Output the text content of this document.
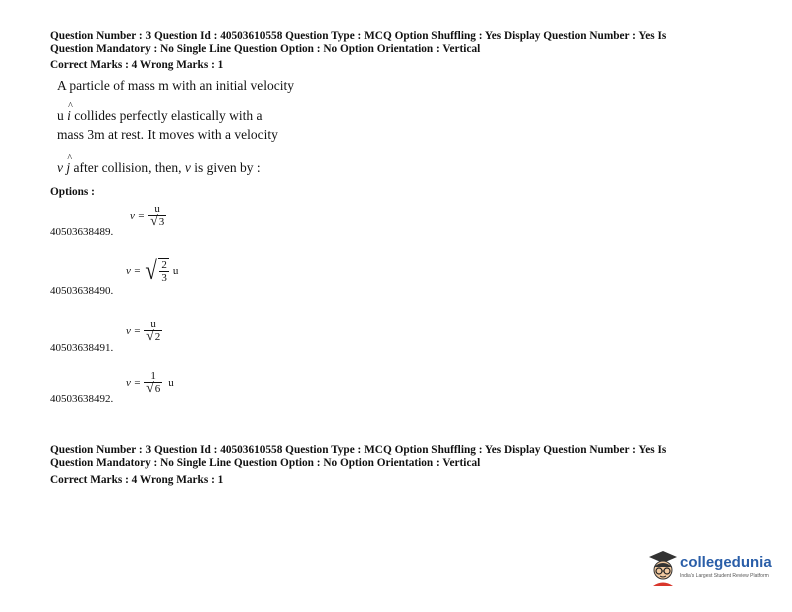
Question Number : 3 Question Id : 40503610558 Question Type : MCQ Option Shuffling : Yes Display Question Number : Yes Is
Question Mandatory : No Single Line Question Option : No Option Orientation : Vertical
Correct Marks : 4 Wrong Marks : 1
A particle of mass m with an initial velocity
u ^ i collides perfectly elastically with a
mass 3m at rest. It moves with a velocity
v ^ j after collision, then, v is given by :
Options :
$v = \frac{u}{√3}$
40503638489.
v = √ $\frac{2}{3}$ u
40503638490.
$v = \frac{u}{√2}$
40503638491.
$v = \frac{1}{√6}$ u
40503638492.
Question Number : 3 Question Id : 40503610558 Question Type : MCQ Option Shuffling : Yes Display Question Number : Yes Is
Question Mandatory : No Single Line Question Option : No Option Orientation : Vertical
Correct Marks : 4 Wrong Marks : 1
collegedunia
India's Largest Student Review Platform
